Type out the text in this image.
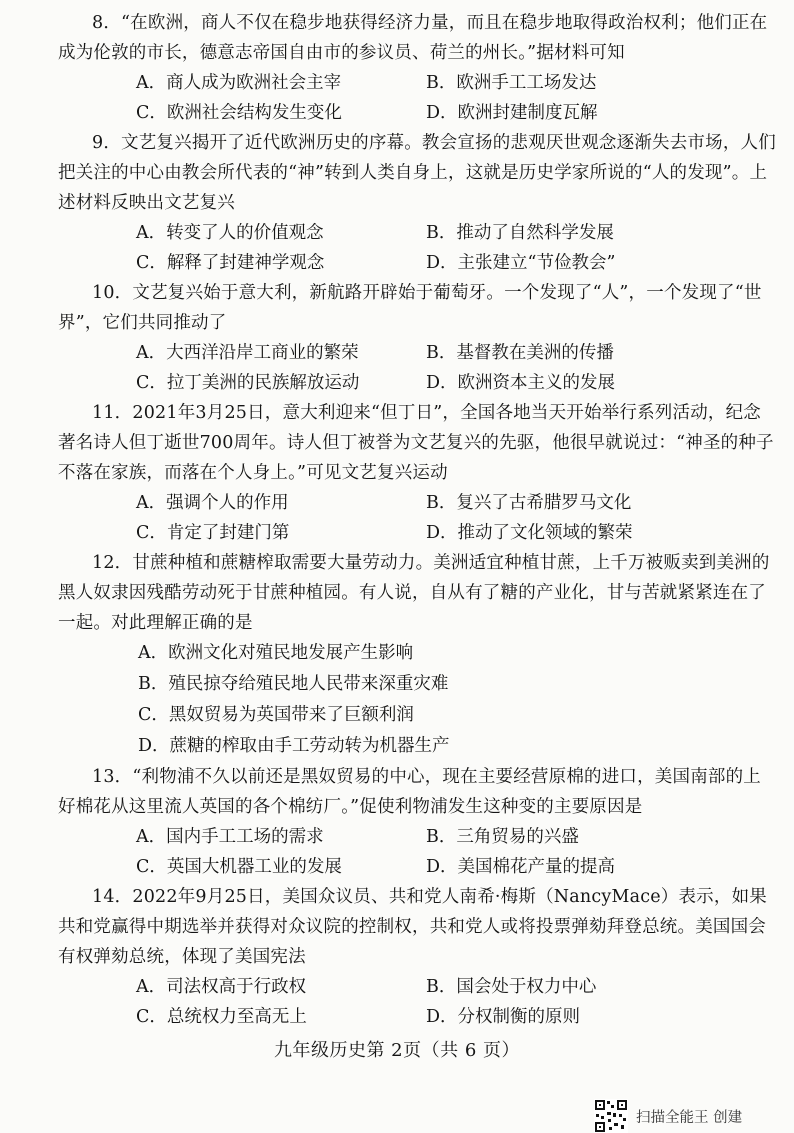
8．“在欧洲，商人不仅在稳步地获得经济力量，而且在稳步地取得政治权利；他们正在成为伦敦的市长，德意志帝国自由市的参议员、荷兰的州长。”据材料可知

A．商人成为欧洲社会主宰	B．欧洲手工工场发达
C．欧洲社会结构发生变化	D．欧洲封建制度瓦解

9．文艺复兴揭开了近代欧洲历史的序幕。教会宣扬的悲观厌世观念逐渐失去市场，人们把关注的中心由教会所代表的“神”转到人类自身上，这就是历史学家所说的“人的发现”。上述材料反映出文艺复兴

A．转变了人的价值观念	B．推动了自然科学发展
C．解释了封建神学观念	D．主张建立“节俭教会”

10．文艺复兴始于意大利，新航路开辟始于葡萄牙。一个发现了“人”，一个发现了“世界”，它们共同推动了

A．大西洋沿岸工商业的繁荣	B．基督教在美洲的传播
C．拉丁美洲的民族解放运动	D．欧洲资本主义的发展

11．2021年3月25日，意大利迎来“但丁日”，全国各地当天开始举行系列活动，纪念著名诗人但丁逝世700周年。诗人但丁被誉为文艺复兴的先驱，他很早就说过：“神圣的种子不落在家族，而落在个人身上。”可见文艺复兴运动

A．强调个人的作用	B．复兴了古希腊罗马文化
C．肯定了封建门第	D．推动了文化领域的繁荣

12．甘蔗种植和蔗糖榨取需要大量劳动力。美洲适宜种植甘蔗，上千万被贩卖到美洲的黑人奴隶因残酷劳动死于甘蔗种植园。有人说，自从有了糖的产业化，甘与苦就紧紧连在了一起。对此理解正确的是

A．欧洲文化对殖民地发展产生影响
B．殖民掠夺给殖民地人民带来深重灾难
C．黑奴贸易为英国带来了巨额利润
D．蔗糖的榨取由手工劳动转为机器生产

13．“利物浦不久以前还是黑奴贸易的中心，现在主要经营原棉的进口，美国南部的上好棉花从这里流人英国的各个棉纺厂。”促使利物浦发生这种变的主要原因是

A．国内手工工场的需求	B．三角贸易的兴盛
C．英国大机器工业的发展	D．美国棉花产量的提高

14．2022年9月25日，美国众议员、共和党人南希·梅斯（NancyMace）表示，如果共和党赢得中期选举并获得对众议院的控制权，共和党人或将投票弹劾拜登总统。美国国会有权弹劾总统，体现了美国宪法

A．司法权高于行政权	B．国会处于权力中心
C．总统权力至高无上	D．分权制衡的原则
九年级历史第 2页（共 6 页）
扫描全能王 创建
